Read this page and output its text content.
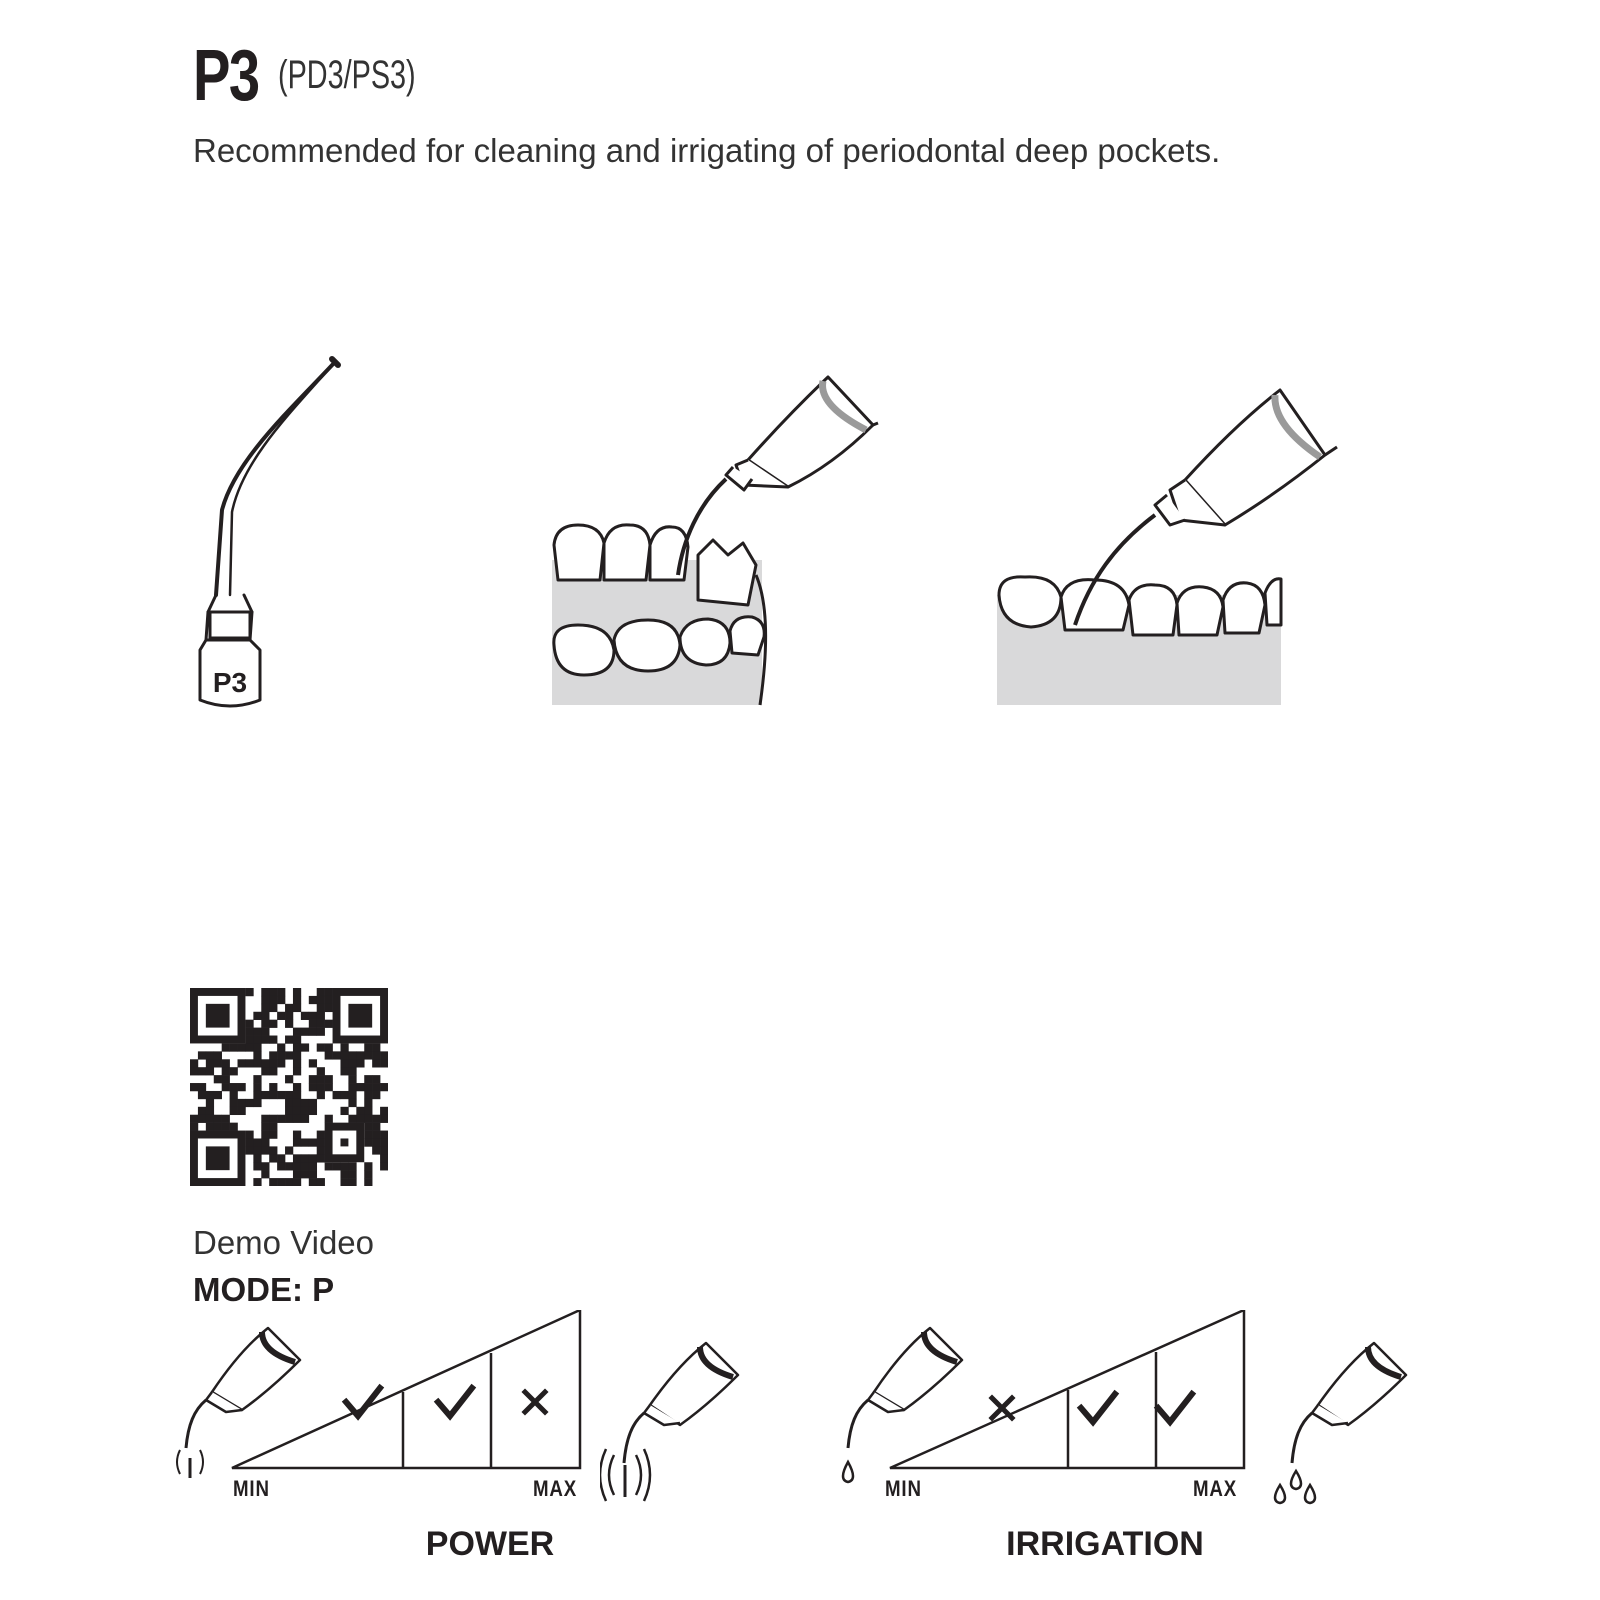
P3 (PD3/PS3)
Recommended for cleaning and irrigating of periodontal deep pockets.
P3
Demo Video
MODE: P
MIN	MAX
POWER
MIN	MAX
IRRIGATION
